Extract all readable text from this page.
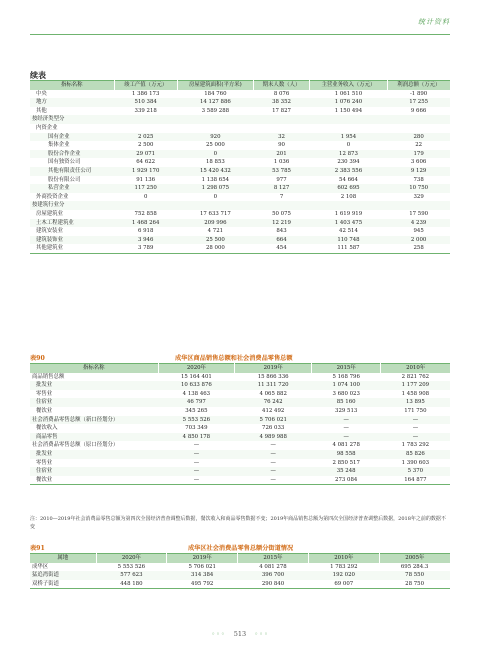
统计资料
续表
指标名称	竣工产值（万元）	房屋建筑面积(平方米)	期末人数（人）	主营业务收入（万元）	利润总额（万元）
中央	1 386 173	184 760	8 076	1 061 510	-1 890
地方	510 384	14 127 886	38 352	1 076 240	17 255
其他	339 218	3 589 288	17 827	1 150 494	9 666
按经济类型分					
内资企业					
国有企业	2 025	920	32	1 954	280
集体企业	2 500	25 000	90	0	22
股份合作企业	29 071	0	201	12 873	179
国有独资公司	64 622	18 853	1 036	230 394	3 606
其他有限责任公司	1 929 170	15 420 432	53 785	2 383 556	9 129
股份有限公司	91 136	1 138 654	977	54 664	738
私营企业	117 250	1 298 075	8 127	602 695	10 750
外商投资企业	0	0	7	2 108	329
按建筑行业分					
房屋建筑业	752 858	17 633 717	50 075	1 619 919	17 590
土木工程建筑业	1 468 264	209 996	12 219	1 403 475	4 239
建筑安装业	6 918	4 721	843	42 514	945
建筑装饰业	3 946	25 500	664	110 748	2 000
其他建筑业	3 789	28 000	454	111 587	258
表90	成华区商品销售总额和社会消费品零售总额
指标名称	2020年	2019年	2015年	2010年
商品销售总额	15 164 401	15 866 336	5 168 796	2 821 762
批发业	10 633 876	11 311 720	1 074 100	1 177 209
零售业	4 138 463	4 065 882	3 680 023	1 458 908
住宿业	46 797	76 242	85 160	13 895
餐饮业	345 265	412 492	329 513	171 750
社会消费品零售总额（新口径划分）	5 553 526	5 706 021	—	—
餐饮收入	703 349	726 033	—	—
商品零售	4 850 178	4 989 988	—	—
社会消费品零售总额（原口径划分）	—	—	4 081 278	1 783 292
批发业	—	—	98 558	85 826
零售业	—	—	2 850 517	1 390 603
住宿业	—	—	35 248	5 370
餐饮业	—	—	273 084	164 877
注：2010—2019年社会消费品零售总额为第四次全国经济普查调整后数据，餐饮收入和商品零售数据不变；2019年商品销售总额为第四次全国经济普查调整后数据，2018年之前的数据不变
表91	成华区社会消费品零售总额分街道情况
属地	2020年	2019年	2015年	2010年	2005年
成华区	5 553 526	5 706 021	4 081 278	1 783 292	695 284.3
猛追湾街道	577 623	314 384	396 700	192 020	78 550
双桥子街道	448 180	495 792	290 840	69 007	28 750
◦◦◦ 513 ◦◦◦
